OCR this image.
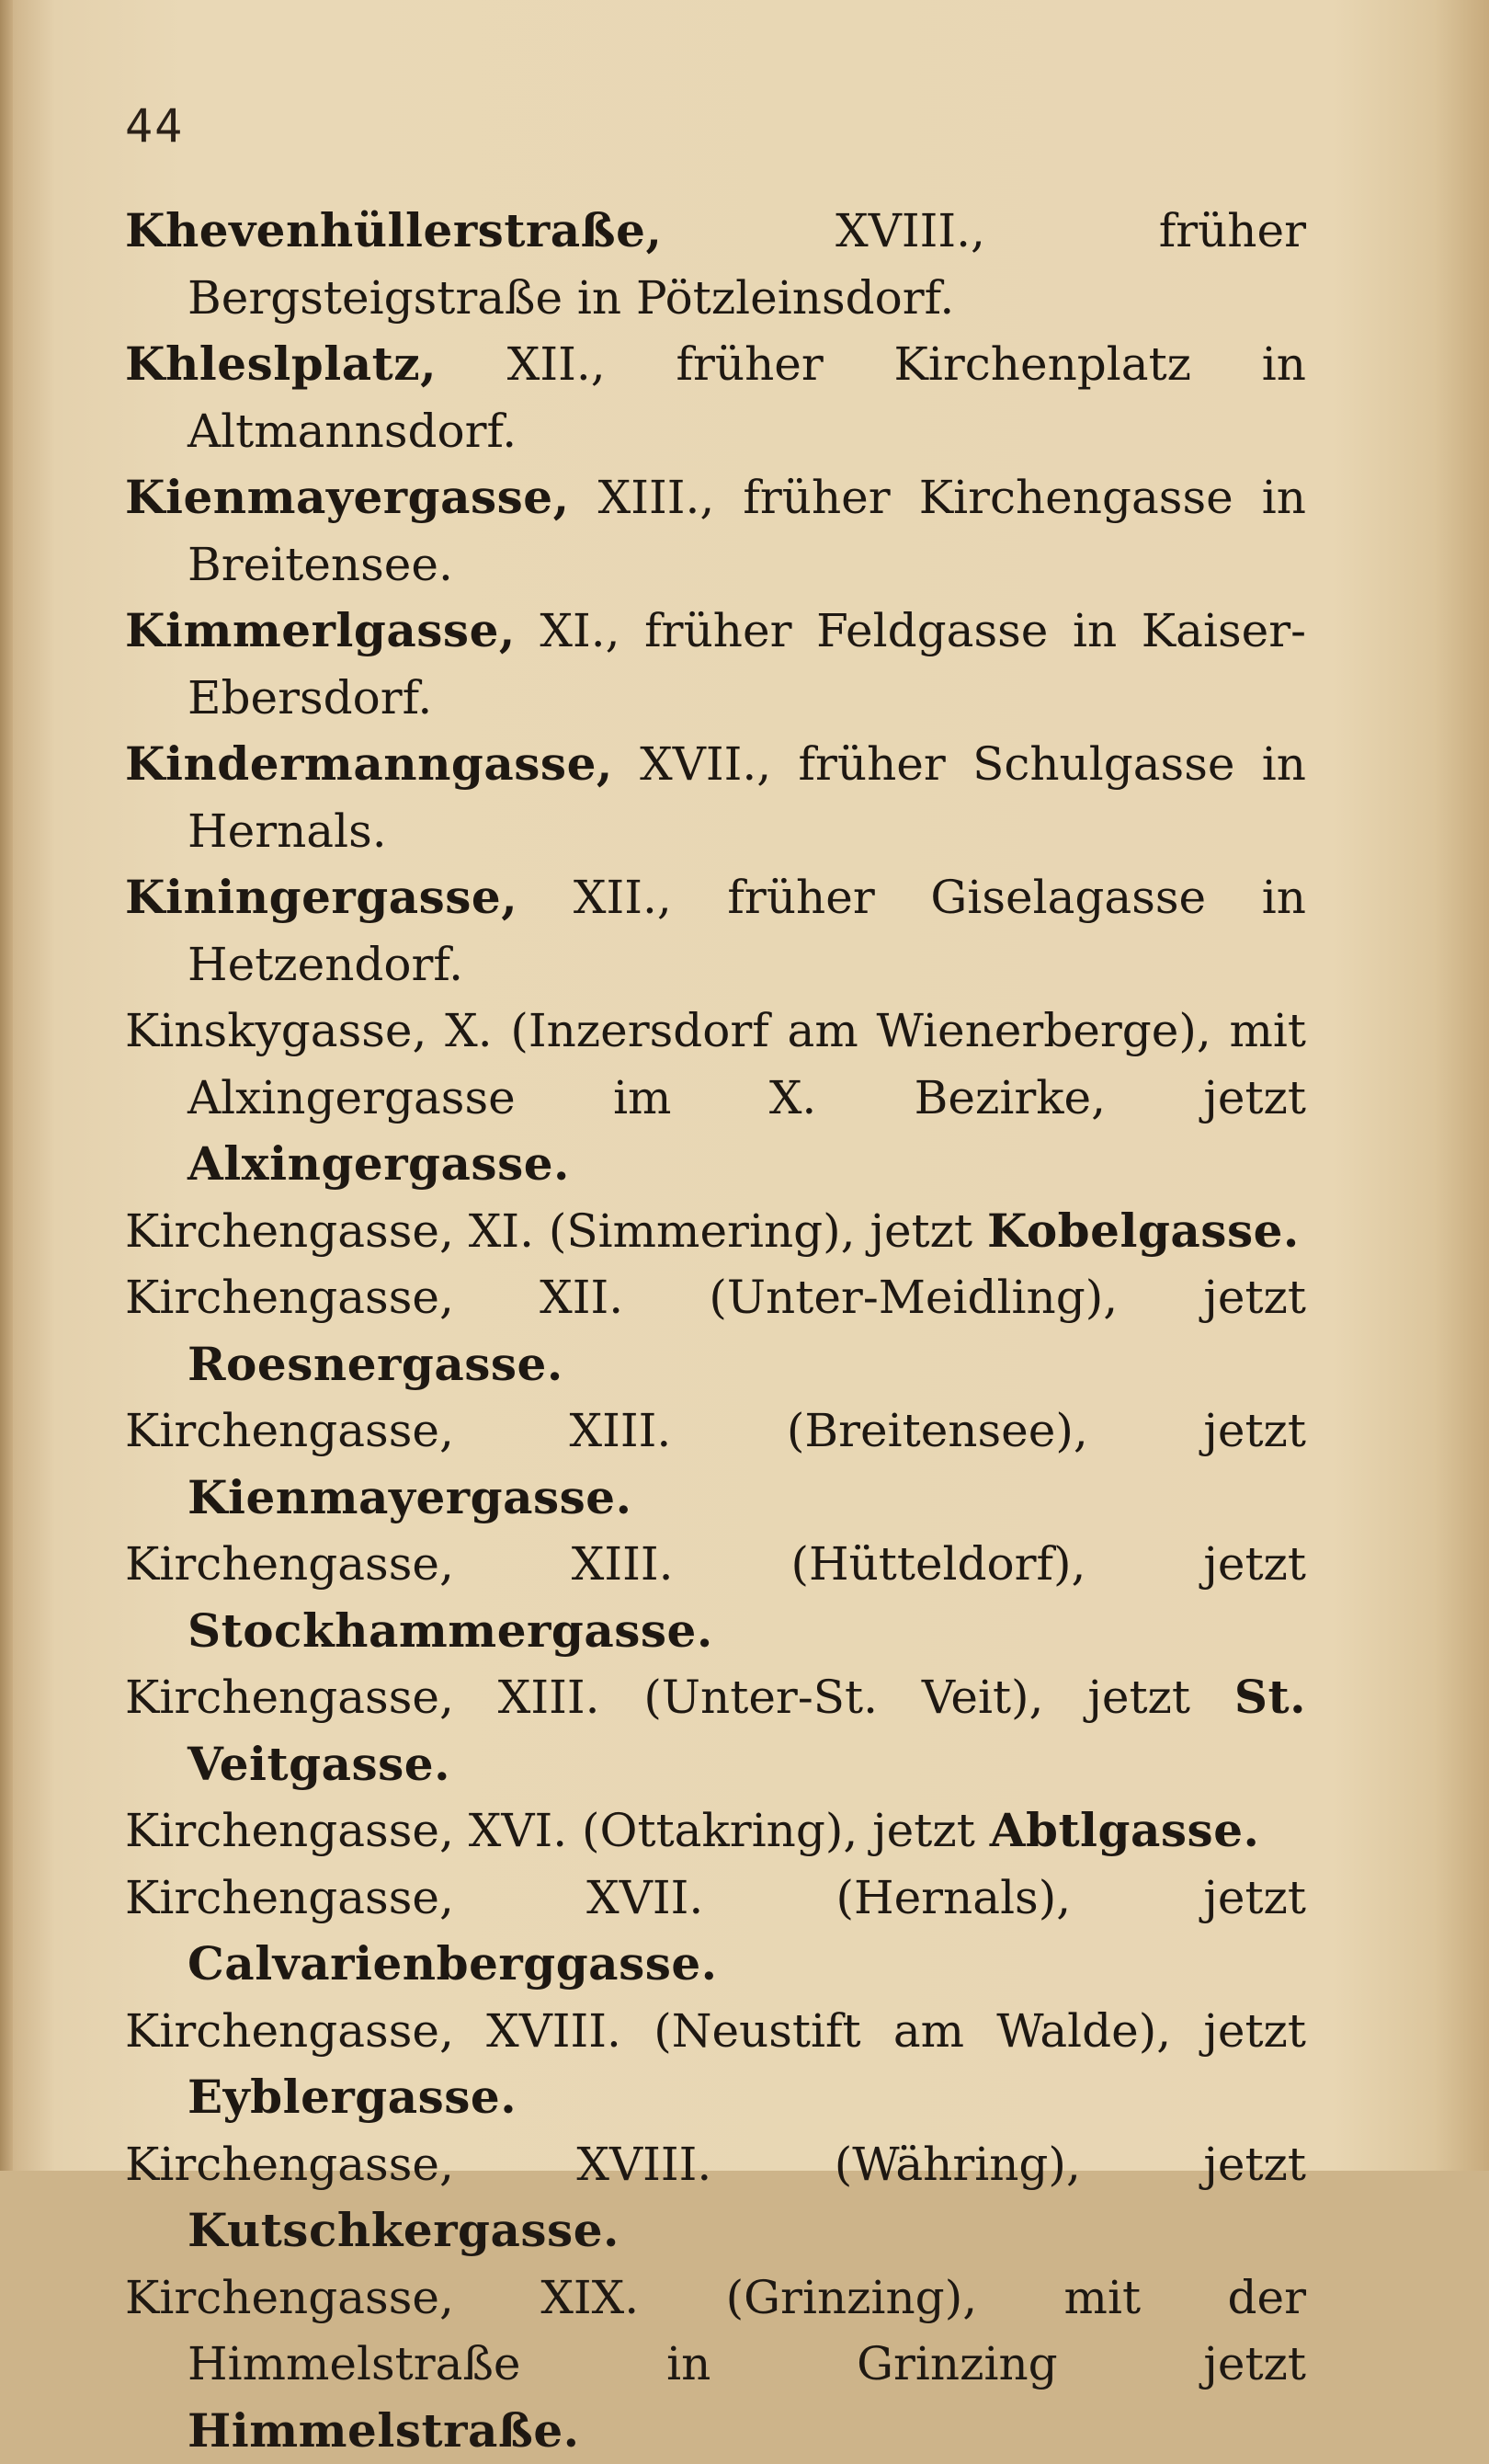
44

Khevenhüllerstraße, XVIII., früher Bergsteigstraße in Pötzleinsdorf.

Khleslplatz, XII., früher Kirchenplatz in Altmannsdorf.

Kienmayergasse, XIII., früher Kirchengasse in Breitensee.

Kimmerlgasse, XI., früher Feldgasse in Kaiser-Ebersdorf.

Kindermanngasse, XVII., früher Schulgasse in Hernals.

Kiningergasse, XII., früher Giselagasse in Hetzendorf.

Kinskygasse, X. (Inzersdorf am Wienerberge), mit Alxingergasse im X. Bezirke, jetzt Alxingergasse.

Kirchengasse, XI. (Simmering), jetzt Kobelgasse.

Kirchengasse, XII. (Unter-Meidling), jetzt Roesnergasse.

Kirchengasse, XIII. (Breitensee), jetzt Kienmayergasse.

Kirchengasse, XIII. (Hütteldorf), jetzt Stockhammergasse.

Kirchengasse, XIII. (Unter-St. Veit), jetzt St. Veitgasse.

Kirchengasse, XVI. (Ottakring), jetzt Abtlgasse.

Kirchengasse, XVII. (Hernals), jetzt Calvarienberggasse.

Kirchengasse, XVIII. (Neustift am Walde), jetzt Eyblergasse.

Kirchengasse, XVIII. (Währing), jetzt Kutschkergasse.

Kirchengasse, XIX. (Grinzing), mit der Himmelstraße in Grinzing jetzt Himmelstraße.
